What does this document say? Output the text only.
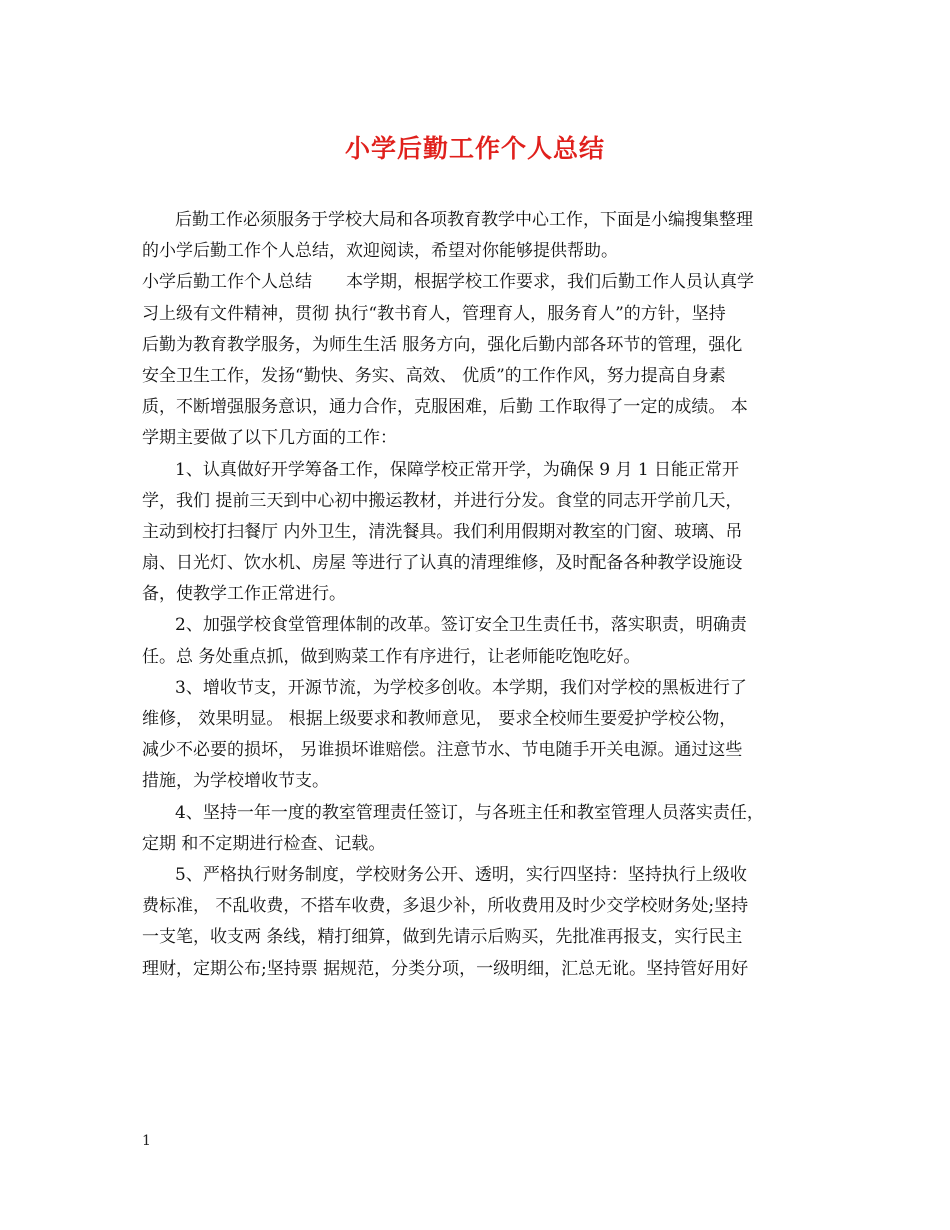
小学后勤工作个人总结
后勤工作必须服务于学校大局和各项教育教学中心工作，下面是小编搜集整理
的小学后勤工作个人总结，欢迎阅读，希望对你能够提供帮助。
小学后勤工作个人总结　　本学期，根据学校工作要求，我们后勤工作人员认真学
习上级有文件精神，贯彻 执行“教书育人，管理育人，服务育人”的方针，坚持
后勤为教育教学服务，为师生生活 服务方向，强化后勤内部各环节的管理，强化
安全卫生工作，发扬“勤快、务实、高效、 优质”的工作作风，努力提高自身素
质，不断增强服务意识，通力合作，克服困难，后勤 工作取得了一定的成绩。 本
学期主要做了以下几方面的工作：
1、认真做好开学筹备工作，保障学校正常开学，为确保 9 月 1 日能正常开
学，我们 提前三天到中心初中搬运教材，并进行分发。食堂的同志开学前几天，
主动到校打扫餐厅 内外卫生，清洗餐具。我们利用假期对教室的门窗、玻璃、吊
扇、日光灯、饮水机、房屋 等进行了认真的清理维修，及时配备各种教学设施设
备，使教学工作正常进行。
2、加强学校食堂管理体制的改革。签订安全卫生责任书，落实职责，明确责
任。总 务处重点抓，做到购菜工作有序进行，让老师能吃饱吃好。
3、增收节支，开源节流，为学校多创收。本学期，我们对学校的黑板进行了
维修， 效果明显。 根据上级要求和教师意见， 要求全校师生要爱护学校公物，
减少不必要的损坏， 另谁损坏谁赔偿。注意节水、节电随手开关电源。通过这些
措施，为学校增收节支。
4、坚持一年一度的教室管理责任签订，与各班主任和教室管理人员落实责任，
定期 和不定期进行检查、记载。
5、严格执行财务制度，学校财务公开、透明，实行四坚持：坚持执行上级收
费标准， 不乱收费，不搭车收费，多退少补，所收费用及时少交学校财务处;坚持
一支笔，收支两 条线，精打细算，做到先请示后购买，先批准再报支，实行民主
理财，定期公布;坚持票 据规范，分类分项，一级明细，汇总无讹。坚持管好用好
1
